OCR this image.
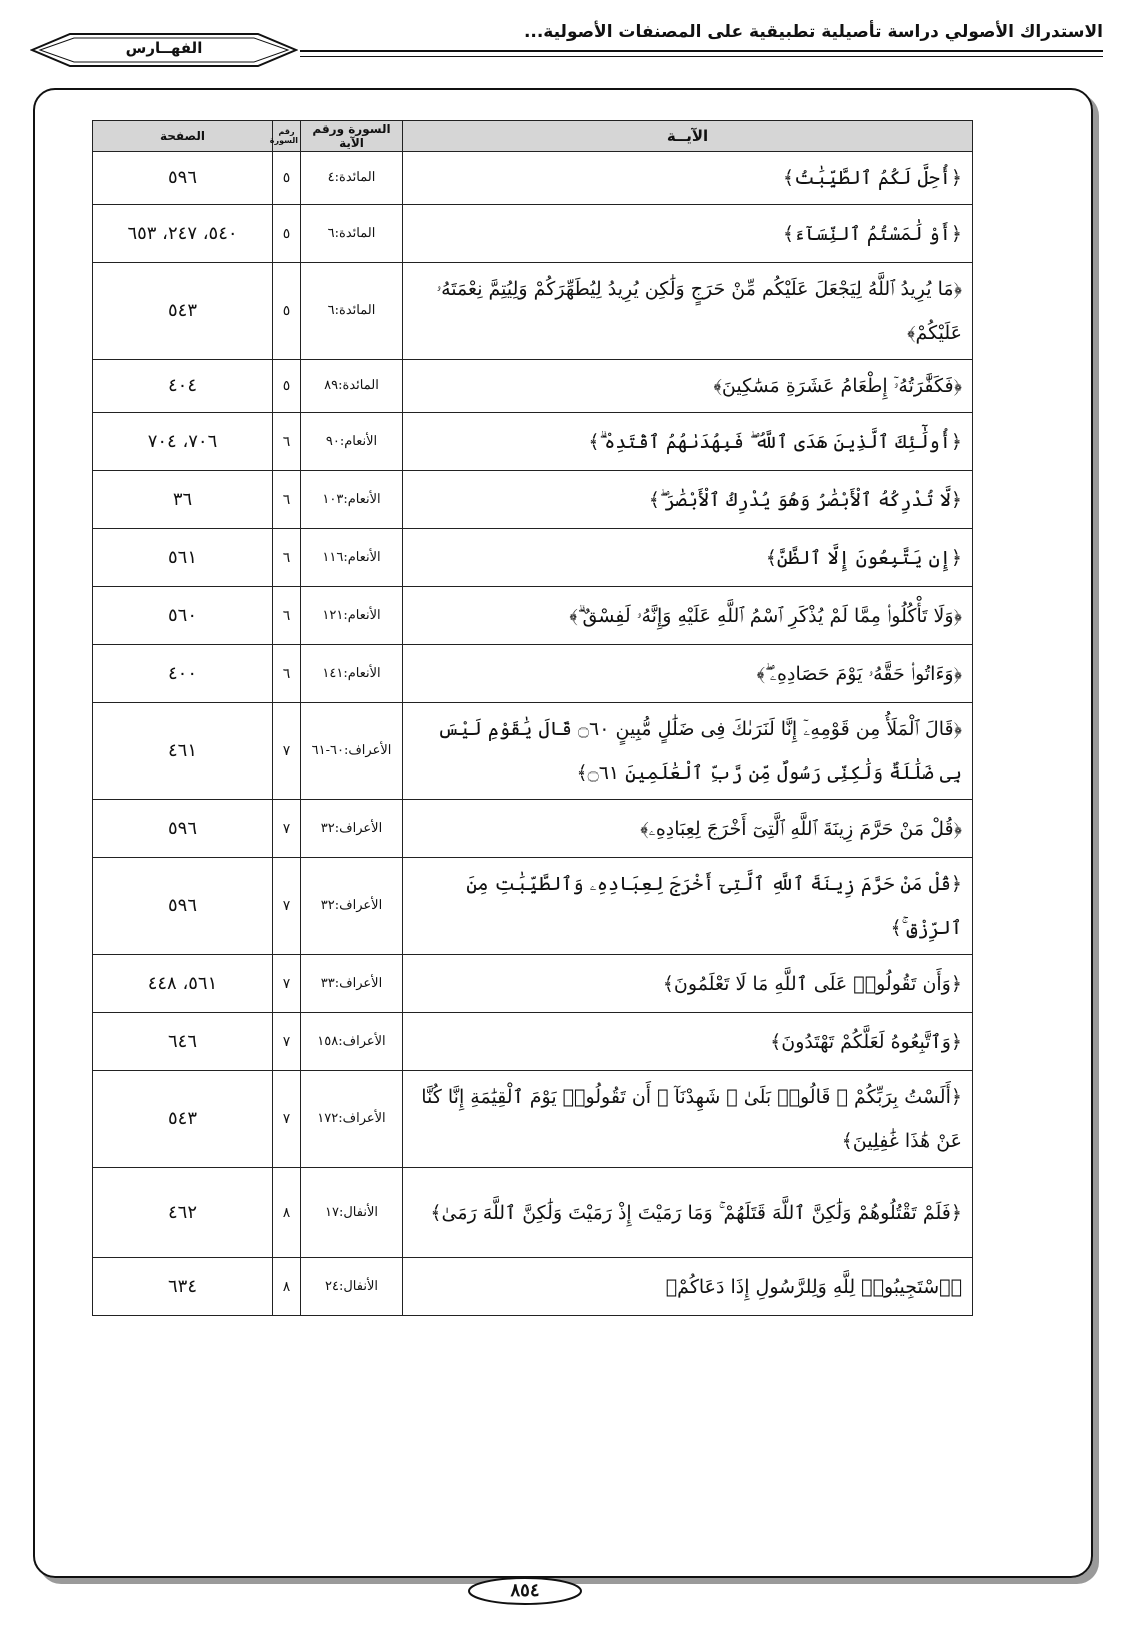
الاستدراك الأصولي دراسة تأصيلية تطبيقية على المصنفات الأصولية...
الفهــارس
الآيــة	السورة ورقم الآية	رقم السورة	الصفحة
﴿أُحِلَّ لَكُمُ ٱلطَّيِّبَٰتُ﴾	المائدة:٤	٥	٥٩٦
﴿أَوْ لَٰمَسْتُمُ ٱلنِّسَآءَ﴾	المائدة:٦	٥	٥٤٠، ٢٤٧، ٦٥٣
﴿مَا يُرِيدُ ٱللَّهُ لِيَجْعَلَ عَلَيْكُم مِّنْ حَرَجٍ وَلَٰكِن يُرِيدُ لِيُطَهِّرَكُمْ وَلِيُتِمَّ نِعْمَتَهُۥ عَلَيْكُمْ﴾	المائدة:٦	٥	٥٤٣
﴿فَكَفَّٰرَتُهُۥٓ إِطْعَامُ عَشَرَةِ مَسَٰكِينَ﴾	المائدة:٨٩	٥	٤٠٤
﴿أُولَٰٓئِكَ ٱلَّذِينَ هَدَى ٱللَّهُ ۖ فَبِهُدَىٰهُمُ ٱقْتَدِهْ ۗ﴾	الأنعام:٩٠	٦	٧٠٦، ٧٠٤
﴿لَّا تُدْرِكُهُ ٱلْأَبْصَٰرُ وَهُوَ يُدْرِكُ ٱلْأَبْصَٰرَ ۖ﴾	الأنعام:١٠٣	٦	٣٦
﴿إِن يَتَّبِعُونَ إِلَّا ٱلظَّنَّ﴾	الأنعام:١١٦	٦	٥٦١
﴿وَلَا تَأْكُلُوا۟ مِمَّا لَمْ يُذْكَرِ ٱسْمُ ٱللَّهِ عَلَيْهِ وَإِنَّهُۥ لَفِسْقٌ ۗ﴾	الأنعام:١٢١	٦	٥٦٠
﴿وَءَاتُوا۟ حَقَّهُۥ يَوْمَ حَصَادِهِۦ ۖ﴾	الأنعام:١٤١	٦	٤٠٠
﴿قَالَ ٱلْمَلَأُ مِن قَوْمِهِۦٓ إِنَّا لَنَرَىٰكَ فِى ضَلَٰلٍ مُّبِينٍ ۝٦٠ قَالَ يَٰقَوْمِ لَيْسَ بِى ضَلَٰلَةٌ وَلَٰكِنِّى رَسُولٌ مِّن رَّبِّ ٱلْعَٰلَمِينَ ۝٦١﴾	الأعراف:٦٠-٦١	٧	٤٦١
﴿قُلْ مَنْ حَرَّمَ زِينَةَ ٱللَّهِ ٱلَّتِىٓ أَخْرَجَ لِعِبَادِهِۦ﴾	الأعراف:٣٢	٧	٥٩٦
﴿قُلْ مَنْ حَرَّمَ زِينَةَ ٱللَّهِ ٱلَّتِىٓ أَخْرَجَ لِعِبَادِهِۦ وَٱلطَّيِّبَٰتِ مِنَ ٱلرِّزْقِ ۚ﴾	الأعراف:٣٢	٧	٥٩٦
﴿وَأَن تَقُولُوا۟ عَلَى ٱللَّهِ مَا لَا تَعْلَمُونَ﴾	الأعراف:٣٣	٧	٥٦١، ٤٤٨
﴿وَٱتَّبِعُوهُ لَعَلَّكُمْ تَهْتَدُونَ﴾	الأعراف:١٥٨	٧	٦٤٦
﴿أَلَسْتُ بِرَبِّكُمْ ۖ قَالُوا۟ بَلَىٰ ۛ شَهِدْنَآ ۛ أَن تَقُولُوا۟ يَوْمَ ٱلْقِيَٰمَةِ إِنَّا كُنَّا عَنْ هَٰذَا غَٰفِلِينَ﴾	الأعراف:١٧٢	٧	٥٤٣
﴿فَلَمْ تَقْتُلُوهُمْ وَلَٰكِنَّ ٱللَّهَ قَتَلَهُمْ ۚ وَمَا رَمَيْتَ إِذْ رَمَيْتَ وَلَٰكِنَّ ٱللَّهَ رَمَىٰ﴾	الأنفال:١٧	٨	٤٦٢
﴿ٱسْتَجِيبُوا۟ لِلَّهِ وَلِلرَّسُولِ إِذَا دَعَاكُمْ﴾	الأنفال:٢٤	٨	٦٣٤
٨٥٤
